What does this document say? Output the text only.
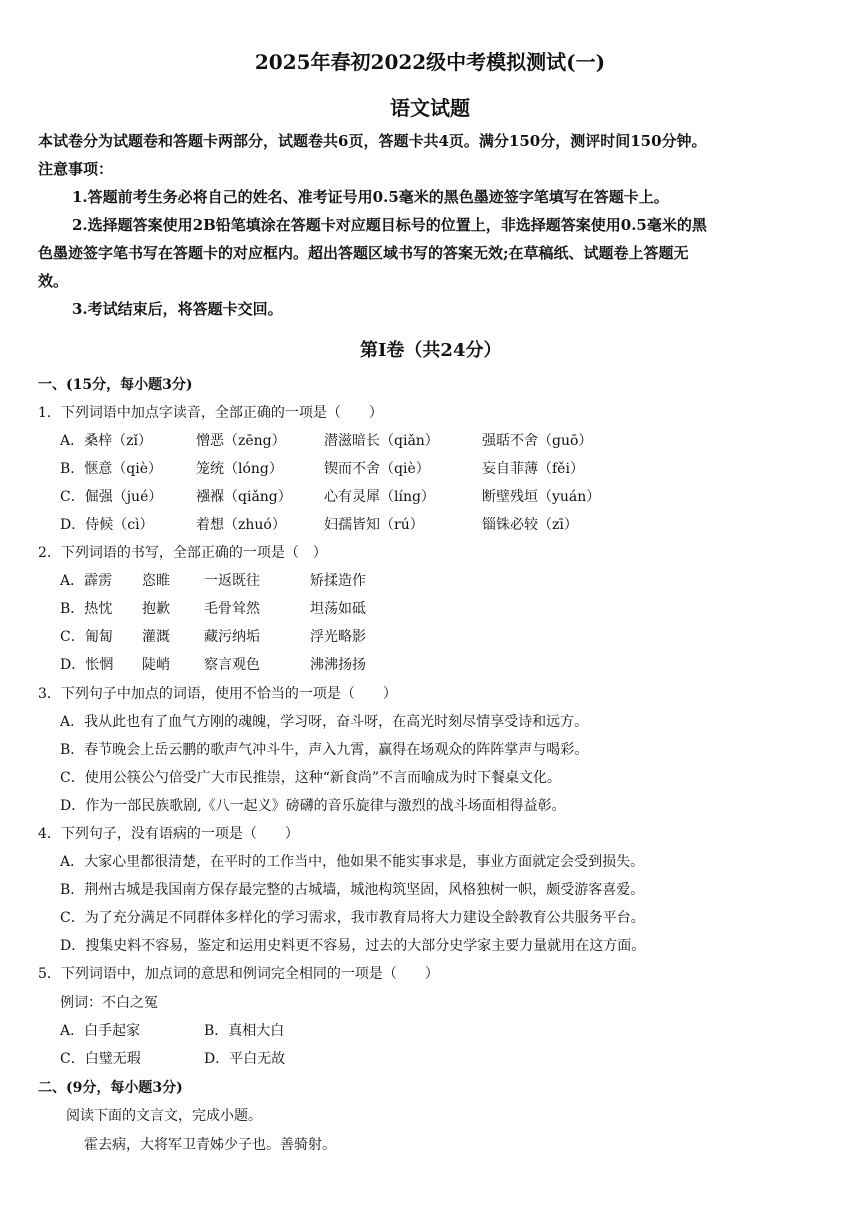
2025年春初2022级中考模拟测试(一)
语文试题
本试卷分为试题卷和答题卡两部分，试题卷共6页，答题卡共4页。满分150分，测评时间150分钟。
注意事项：
1.答题前考生务必将自己的姓名、准考证号用0.5毫米的黑色墨迹签字笔填写在答题卡上。
2.选择题答案使用2B铅笔填涂在答题卡对应题目标号的位置上，非选择题答案使用0.5毫米的黑
色墨迹签字笔书写在答题卡的对应框内。超出答题区域书写的答案无效;在草稿纸、试题卷上答题无
效。
3.考试结束后，将答题卡交回。
第Ⅰ卷（共24分）
一、(15分，每小题3分)
1．下列词语中加点字读音，全部正确的一项是（　　）
A．桑梓（zǐ）	憎恶（zēng）	潜滋暗长（qiǎn）	强聒不舍（guō）
B．惬意（qiè） 笼统（lóng）	锲而不舍（qiè）	妄自菲薄（fěi）
C．倔强（jué） 襁褓（qiǎng） 心有灵犀（líng）	断壁残垣（yuán）
D．侍候（cì）	着想（zhuó）	妇孺皆知（rú）	锱铢必较（zī）
2．下列词语的书写，全部正确的一项是（　）
A．霹雳 恣睢 一返既往	矫揉造作
B．热忱 抱歉 毛骨耸然	坦荡如砥
C．匍匐 灌溉 藏污纳垢	浮光略影
D．怅惘 陡峭 察言观色	沸沸扬扬
3．下列句子中加点的词语，使用不恰当的一项是（　　）
A．我从此也有了血气方刚的魂魄，学习呀，奋斗呀，在高光时刻尽情享受诗和远方。
B．春节晚会上岳云鹏的歌声气冲斗牛，声入九霄，赢得在场观众的阵阵掌声与喝彩。
C．使用公筷公勺倍受广大市民推崇，这种“新食尚”不言而喻成为时下餐桌文化。
D．作为一部民族歌剧,《八一起义》磅礴的音乐旋律与激烈的战斗场面相得益彰。
4．下列句子，没有语病的一项是（　　）
A．大家心里都很清楚，在平时的工作当中，他如果不能实事求是，事业方面就定会受到损失。
B．荆州古城是我国南方保存最完整的古城墙，城池构筑坚固，风格独树一帜，颇受游客喜爱。
C．为了充分满足不同群体多样化的学习需求，我市教育局将大力建设全龄教育公共服务平台。
D．搜集史料不容易，鉴定和运用史料更不容易，过去的大部分史学家主要力量就用在这方面。
5．下列词语中，加点词的意思和例词完全相同的一项是（　　）
例词：不白之冤
A．白手起家	B．真相大白
C．白璧无瑕	D．平白无故
二、(9分，每小题3分)
阅读下面的文言文，完成小题。
霍去病，大将军卫青姊少子也。善骑射。
